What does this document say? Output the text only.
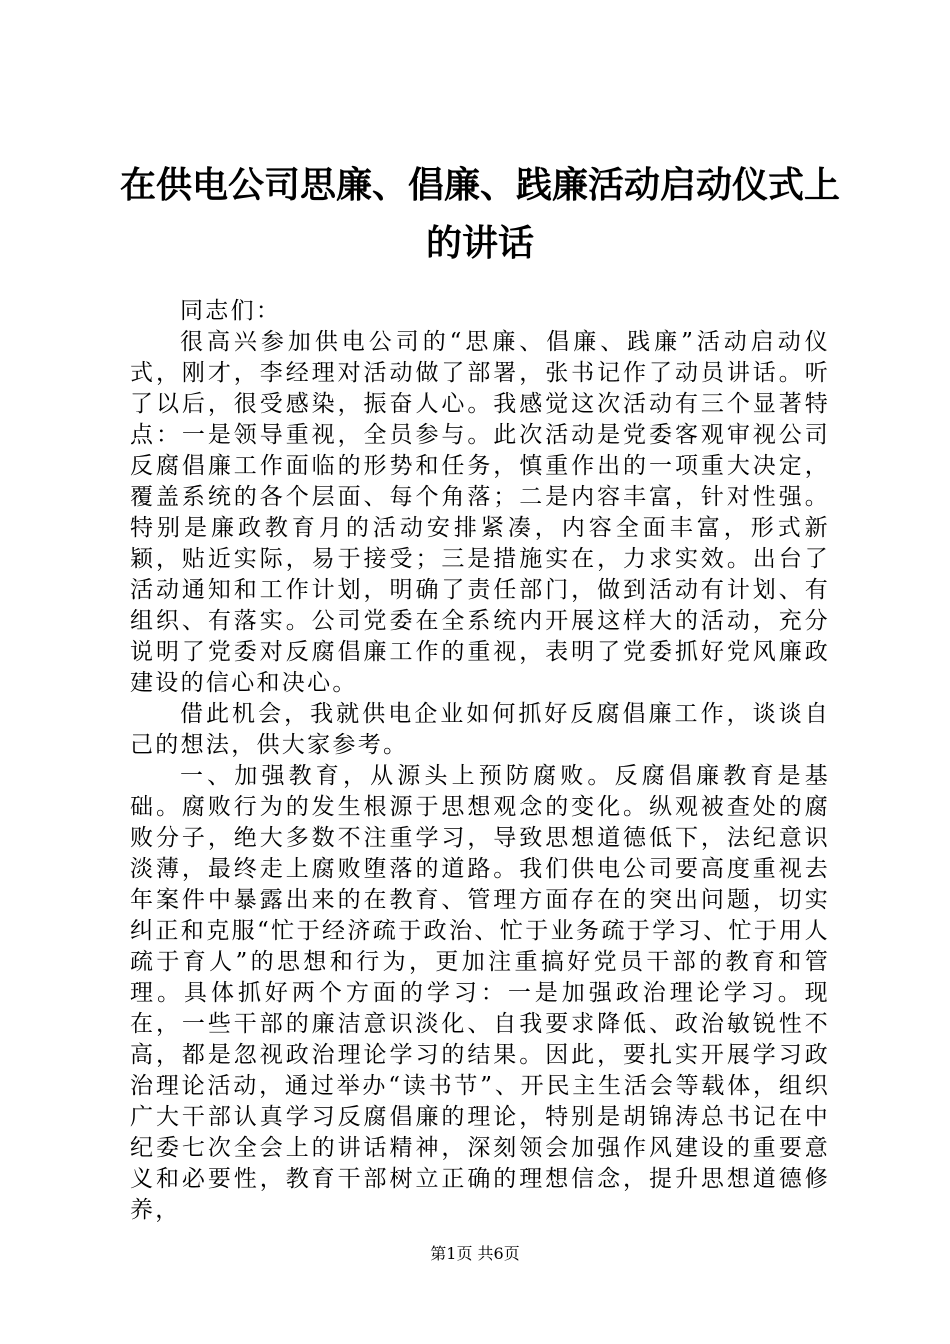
在供电公司思廉、倡廉、践廉活动启动仪式上
的讲话

同志们：

很高兴参加供电公司的“思廉、倡廉、践廉”活动启动仪式，刚才，李经理对活动做了部署，张书记作了动员讲话。听了以后，很受感染，振奋人心。我感觉这次活动有三个显著特点：一是领导重视，全员参与。此次活动是党委客观审视公司反腐倡廉工作面临的形势和任务，慎重作出的一项重大决定，覆盖系统的各个层面、每个角落；二是内容丰富，针对性强。特别是廉政教育月的活动安排紧凑，内容全面丰富，形式新颖，贴近实际，易于接受；三是措施实在，力求实效。出台了活动通知和工作计划，明确了责任部门，做到活动有计划、有组织、有落实。公司党委在全系统内开展这样大的活动，充分说明了党委对反腐倡廉工作的重视，表明了党委抓好党风廉政建设的信心和决心。

借此机会，我就供电企业如何抓好反腐倡廉工作，谈谈自己的想法，供大家参考。

一、加强教育，从源头上预防腐败。反腐倡廉教育是基础。腐败行为的发生根源于思想观念的变化。纵观被查处的腐败分子，绝大多数不注重学习，导致思想道德低下，法纪意识淡薄，最终走上腐败堕落的道路。我们供电公司要高度重视去年案件中暴露出来的在教育、管理方面存在的突出问题，切实纠正和克服“忙于经济疏于政治、忙于业务疏于学习、忙于用人疏于育人”的思想和行为，更加注重搞好党员干部的教育和管理。具体抓好两个方面的学习：一是加强政治理论学习。现在，一些干部的廉洁意识淡化、自我要求降低、政治敏锐性不高，都是忽视政治理论学习的结果。因此，要扎实开展学习政治理论活动，通过举办“读书节”、开民主生活会等载体，组织广大干部认真学习反腐倡廉的理论，特别是胡锦涛总书记在中纪委七次全会上的讲话精神，深刻领会加强作风建设的重要意义和必要性，教育干部树立正确的理想信念，提升思想道德修养，

第1页 共6页
